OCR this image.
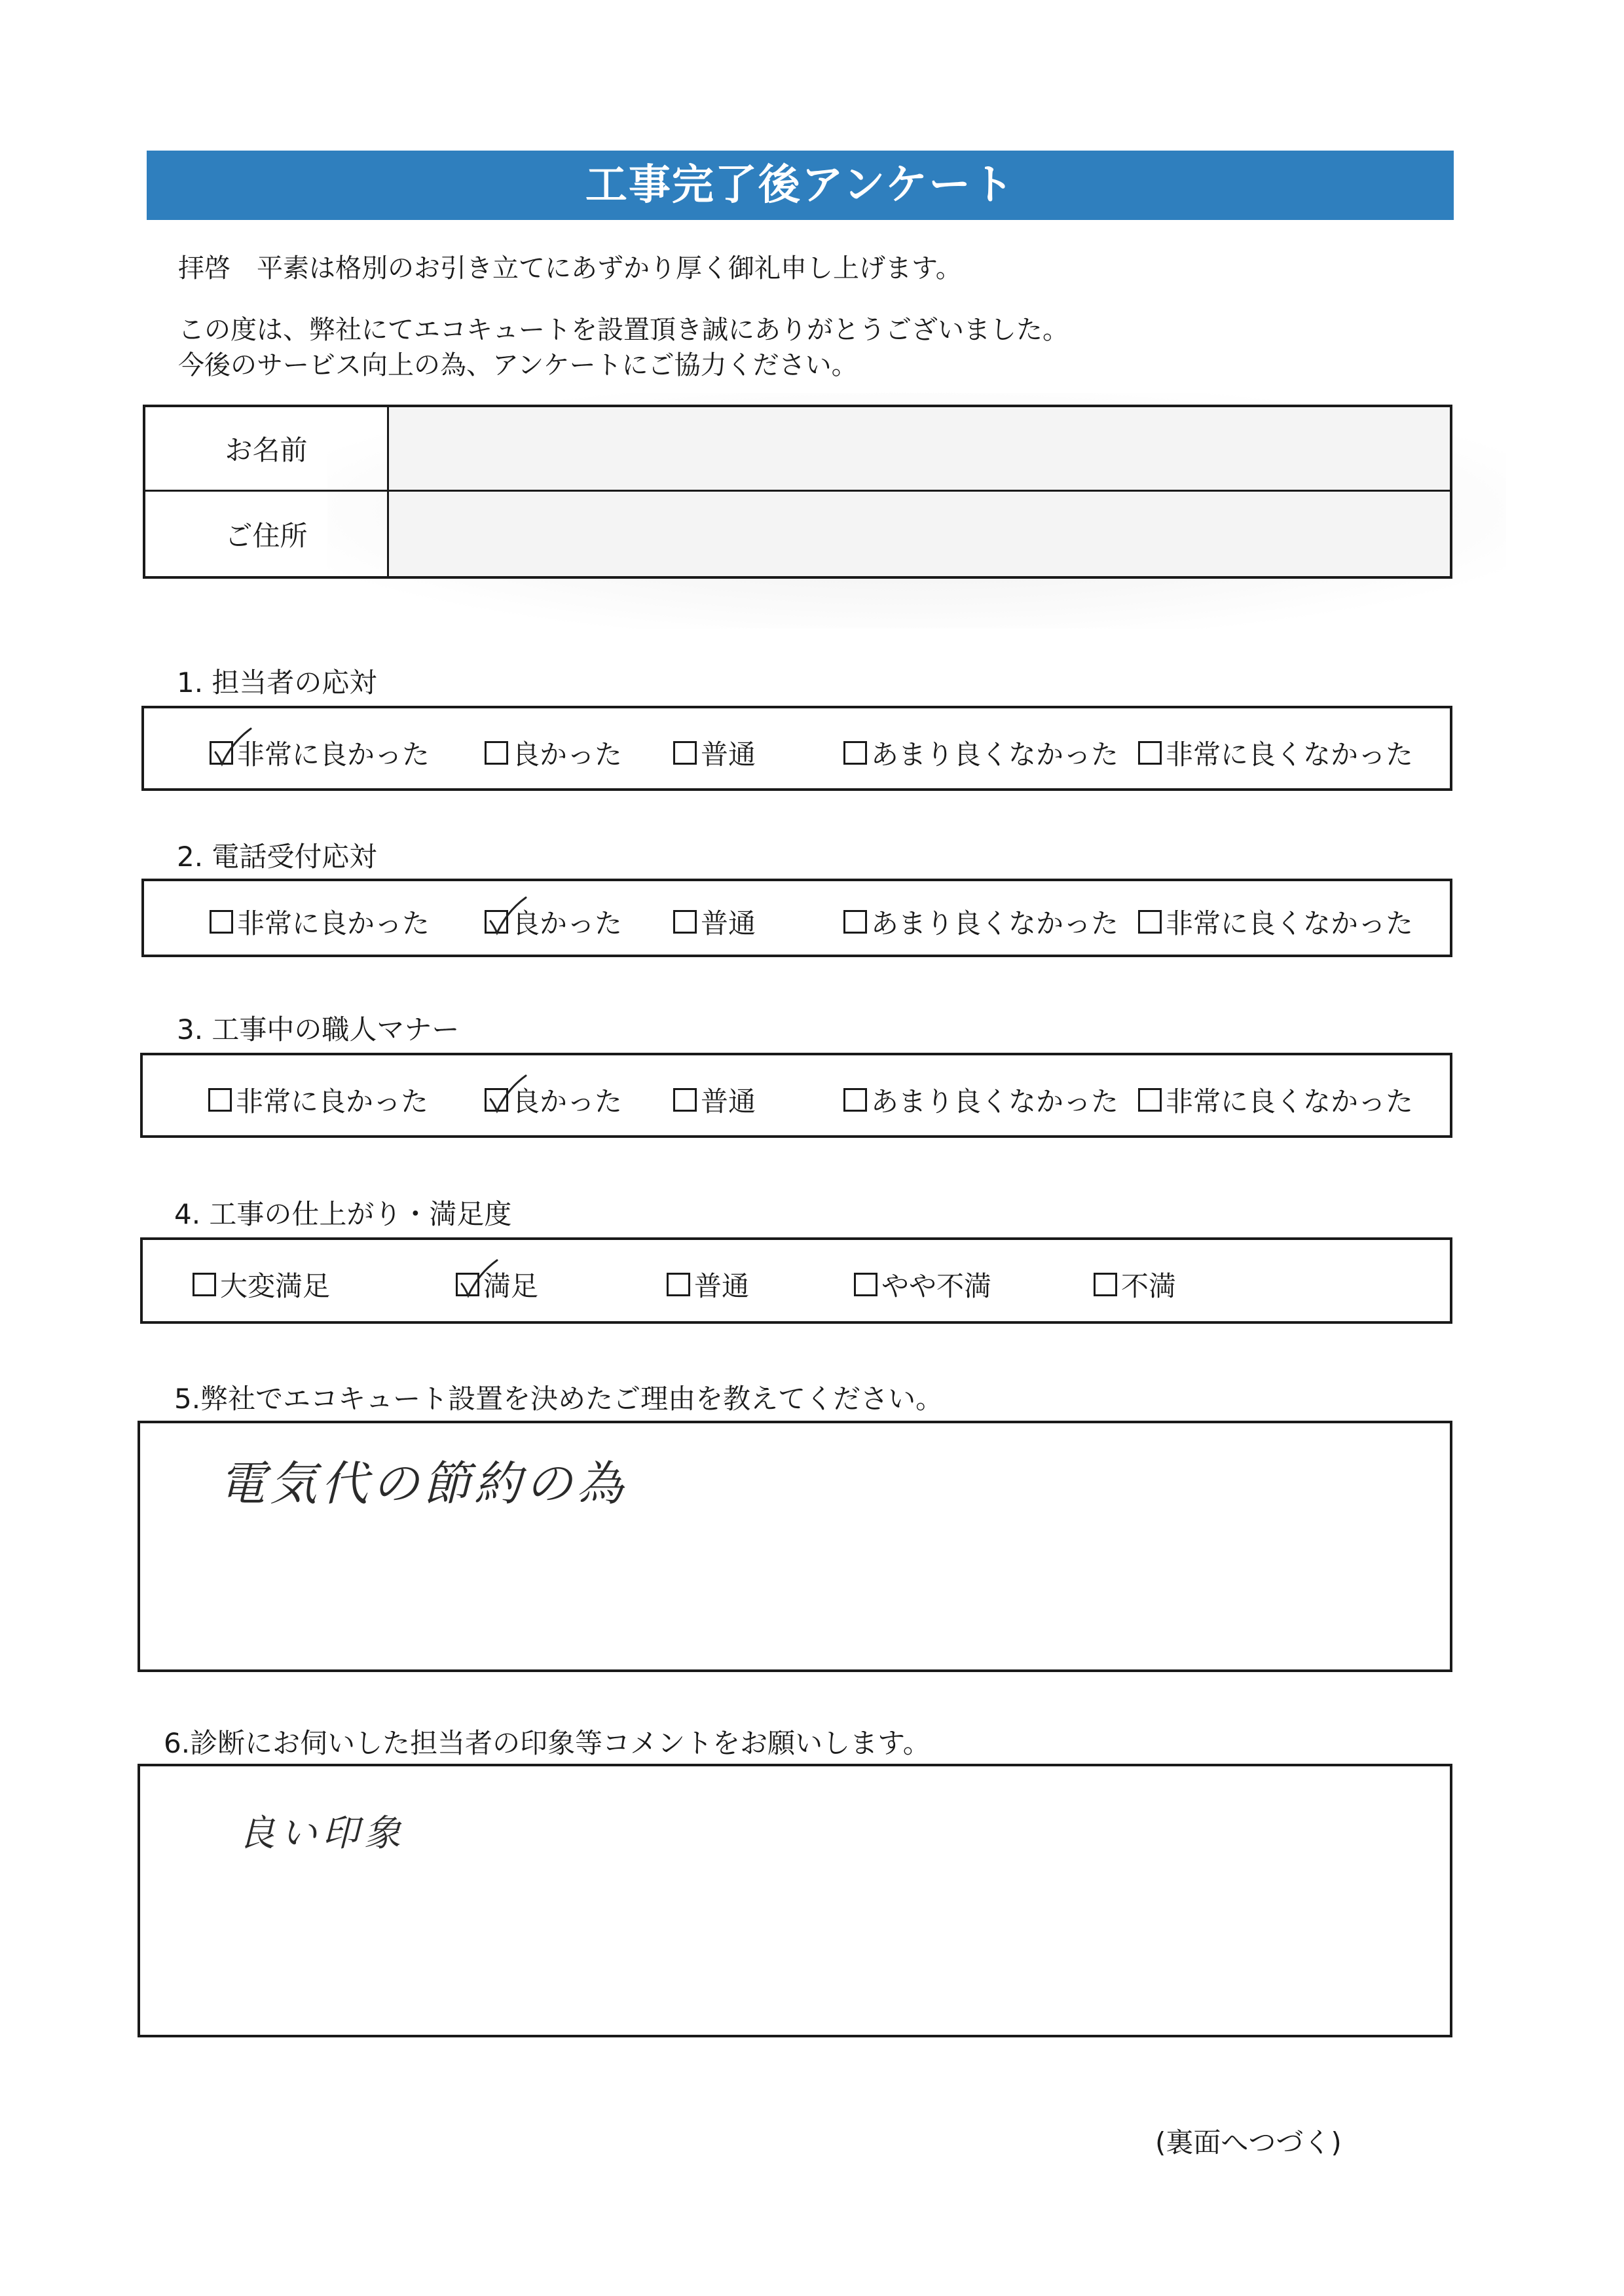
工事完了後アンケート
拝啓　平素は格別のお引き立てにあずかり厚く御礼申し上げます。
この度は、弊社にてエコキュートを設置頂き誠にありがとうございました。
今後のサービス向上の為、アンケートにご協力ください。
お名前
ご住所
1. 担当者の応対
非常に良かった	良かった	普通	あまり良くなかった 非常に良くなかった
2. 電話受付応対
非常に良かった	良かった	普通	あまり良くなかった 非常に良くなかった
3. 工事中の職人マナー
非常に良かった	良かった	普通	あまり良くなかった 非常に良くなかった
4. 工事の仕上がり・満足度
大変満足	満足	普通	やや不満	不満
5.弊社でエコキュート設置を決めたご理由を教えてください。
電気代の節約の為
6.診断にお伺いした担当者の印象等コメントをお願いします。
良い印象
(裏面へつづく)
